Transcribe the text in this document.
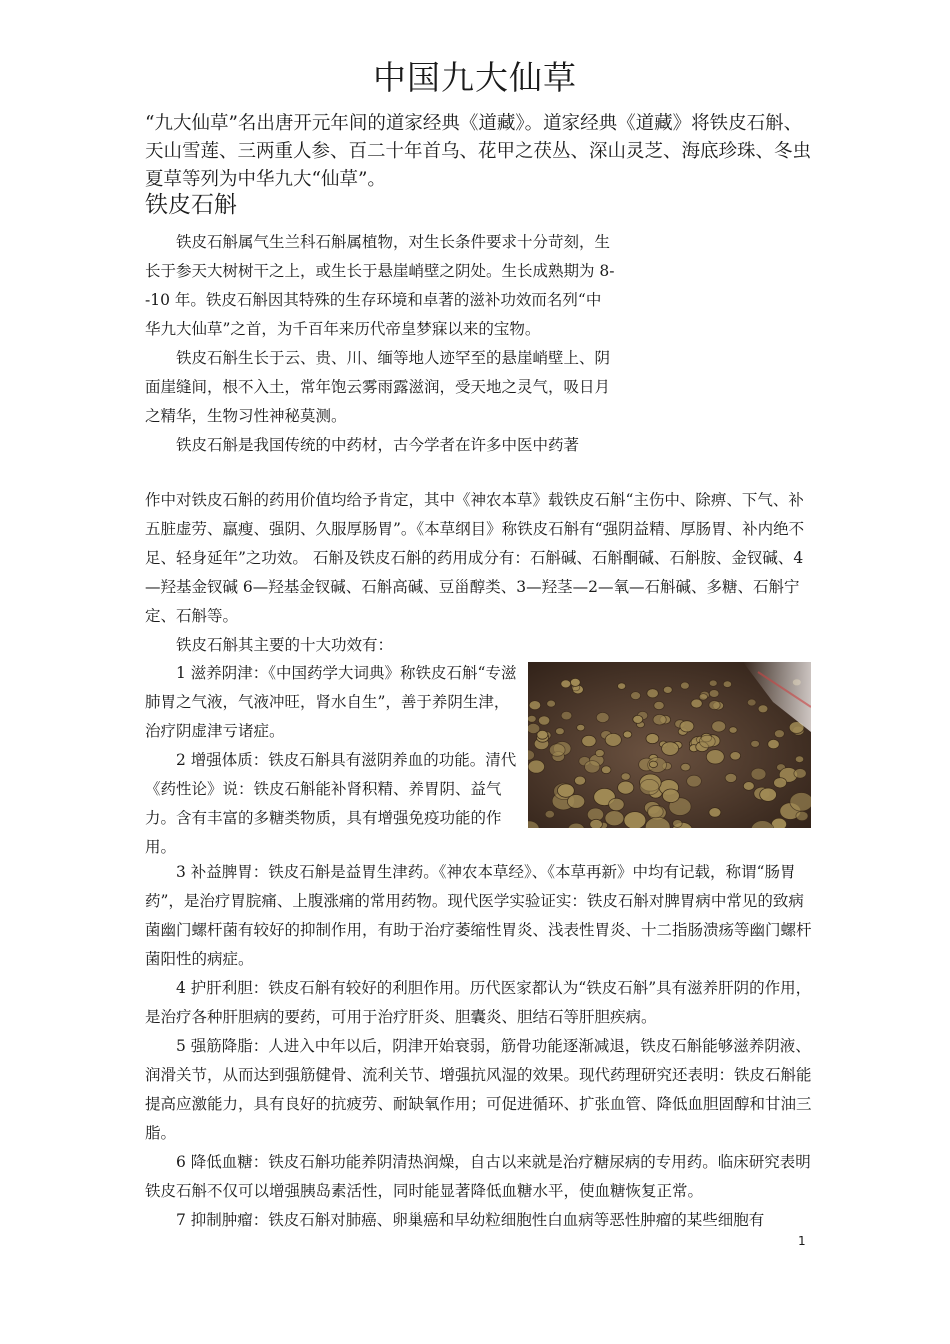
中国九大仙草

“九大仙草”名出唐开元年间的道家经典《道藏》。道家经典《道藏》将铁皮石斛、天山雪莲、三两重人参、百二十年首乌、花甲之茯丛、深山灵芝、海底珍珠、冬虫夏草等列为中华九大“仙草”。

铁皮石斛

铁皮石斛属气生兰科石斛属植物，对生长条件要求十分苛刻，生长于参天大树树干之上，或生长于悬崖峭壁之阴处。生长成熟期为 8--10 年。铁皮石斛因其特殊的生存环境和卓著的滋补功效而名列“中华九大仙草”之首，为千百年来历代帝皇梦寐以来的宝物。

铁皮石斛生长于云、贵、川、缅等地人迹罕至的悬崖峭壁上、阴面崖缝间，根不入土，常年饱云雾雨露滋润，受天地之灵气，吸日月之精华，生物习性神秘莫测。

铁皮石斛是我国传统的中药材，古今学者在许多中医中药著

作中对铁皮石斛的药用价值均给予肯定，其中《神农本草》载铁皮石斛“主伤中、除痹、下气、补五脏虚劳、羸瘦、强阴、久服厚肠胃”。《本草纲目》称铁皮石斛有“强阴益精、厚肠胃、补内绝不足、轻身延年”之功效。 石斛及铁皮石斛的药用成分有：石斛碱、石斛酮碱、石斛胺、金钗碱、4—羟基金钗碱 6—羟基金钗碱、石斛高碱、豆甾醇类、3—羟茎—2—氧—石斛碱、多糖、石斛宁定、石斛等。

铁皮石斛其主要的十大功效有：

1 滋养阴津：《中国药学大词典》称铁皮石斛“专滋肺胃之气液，气液冲旺，肾水自生”，善于养阴生津，治疗阴虚津亏诸症。

2 增强体质：铁皮石斛具有滋阴养血的功能。清代《药性论》说：铁皮石斛能补肾积精、养胃阴、益气力。含有丰富的多糖类物质，具有增强免疫功能的作用。

3 补益脾胃：铁皮石斛是益胃生津药。《神农本草经》、《本草再新》中均有记载，称谓“肠胃药”，是治疗胃脘痛、上腹涨痛的常用药物。现代医学实验证实：铁皮石斛对脾胃病中常见的致病菌幽门螺杆菌有较好的抑制作用，有助于治疗萎缩性胃炎、浅表性胃炎、十二指肠溃疡等幽门螺杆菌阳性的病症。

4 护肝利胆：铁皮石斛有较好的利胆作用。历代医家都认为“铁皮石斛”具有滋养肝阴的作用，是治疗各种肝胆病的要药，可用于治疗肝炎、胆囊炎、胆结石等肝胆疾病。

5 强筋降脂：人进入中年以后，阴津开始衰弱，筋骨功能逐渐减退，铁皮石斛能够滋养阴液、润滑关节，从而达到强筋健骨、流利关节、增强抗风湿的效果。现代药理研究还表明：铁皮石斛能提高应激能力，具有良好的抗疲劳、耐缺氧作用；可促进循环、扩张血管、降低血胆固醇和甘油三脂。

6 降低血糖：铁皮石斛功能养阴清热润燥，自古以来就是治疗糖尿病的专用药。临床研究表明铁皮石斛不仅可以增强胰岛素活性，同时能显著降低血糖水平，使血糖恢复正常。

7 抑制肿瘤：铁皮石斛对肺癌、卵巢癌和早幼粒细胞性白血病等恶性肿瘤的某些细胞有

1
